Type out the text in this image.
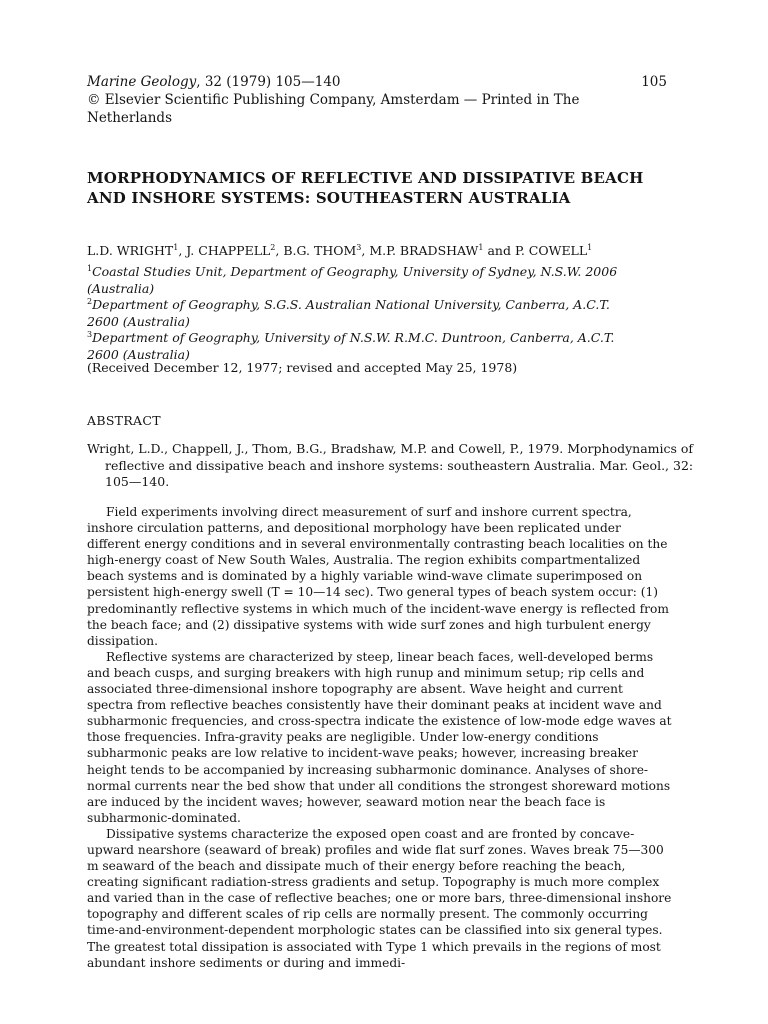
Marine Geology, 32 (1979) 105—140	105
© Elsevier Scientific Publishing Company, Amsterdam — Printed in The Netherlands
MORPHODYNAMICS OF REFLECTIVE AND DISSIPATIVE BEACH
AND INSHORE SYSTEMS: SOUTHEASTERN AUSTRALIA
L.D. WRIGHT$^1$, J. CHAPPELL$^2$, B.G. THOM$^3$, M.P. BRADSHAW$^1$ and P. COWELL$^1$
$^1$Coastal Studies Unit, Department of Geography, University of Sydney, N.S.W. 2006
(Australia)
$^2$Department of Geography, S.G.S. Australian National University, Canberra, A.C.T.
2600 (Australia)
$^3$Department of Geography, University of N.S.W. R.M.C. Duntroon, Canberra, A.C.T.
2600 (Australia)
(Received December 12, 1977; revised and accepted May 25, 1978)
ABSTRACT
Wright, L.D., Chappell, J., Thom, B.G., Bradshaw, M.P. and Cowell, P., 1979. Morphodynamics of reflective and dissipative beach and inshore systems: southeastern Australia. Mar. Geol., 32: 105—140.

Field experiments involving direct measurement of surf and inshore current spectra, inshore circulation patterns, and depositional morphology have been replicated under different energy conditions and in several environmentally contrasting beach localities on the high-energy coast of New South Wales, Australia. The region exhibits compartmentalized beach systems and is dominated by a highly variable wind-wave climate superimposed on persistent high-energy swell (T = 10—14 sec). Two general types of beach system occur: (1) predominantly reflective systems in which much of the incident-wave energy is reflected from the beach face; and (2) dissipative systems with wide surf zones and high turbulent energy dissipation.

Reflective systems are characterized by steep, linear beach faces, well-developed berms and beach cusps, and surging breakers with high runup and minimum setup; rip cells and associated three-dimensional inshore topography are absent. Wave height and current spectra from reflective beaches consistently have their dominant peaks at incident wave and subharmonic frequencies, and cross-spectra indicate the existence of low-mode edge waves at those frequencies. Infra-gravity peaks are negligible. Under low-energy conditions subharmonic peaks are low relative to incident-wave peaks; however, increasing breaker height tends to be accompanied by increasing subharmonic dominance. Analyses of shore-normal currents near the bed show that under all conditions the strongest shoreward motions are induced by the incident waves; however, seaward motion near the beach face is subharmonic-dominated.

Dissipative systems characterize the exposed open coast and are fronted by concave-upward nearshore (seaward of break) profiles and wide flat surf zones. Waves break 75—300 m seaward of the beach and dissipate much of their energy before reaching the beach, creating significant radiation-stress gradients and setup. Topography is much more complex and varied than in the case of reflective beaches; one or more bars, three-dimensional inshore topography and different scales of rip cells are normally present. The commonly occurring time-and-environment-dependent morphologic states can be classified into six general types. The greatest total dissipation is associated with Type 1 which prevails in the regions of most abundant inshore sediments or during and immedi-
